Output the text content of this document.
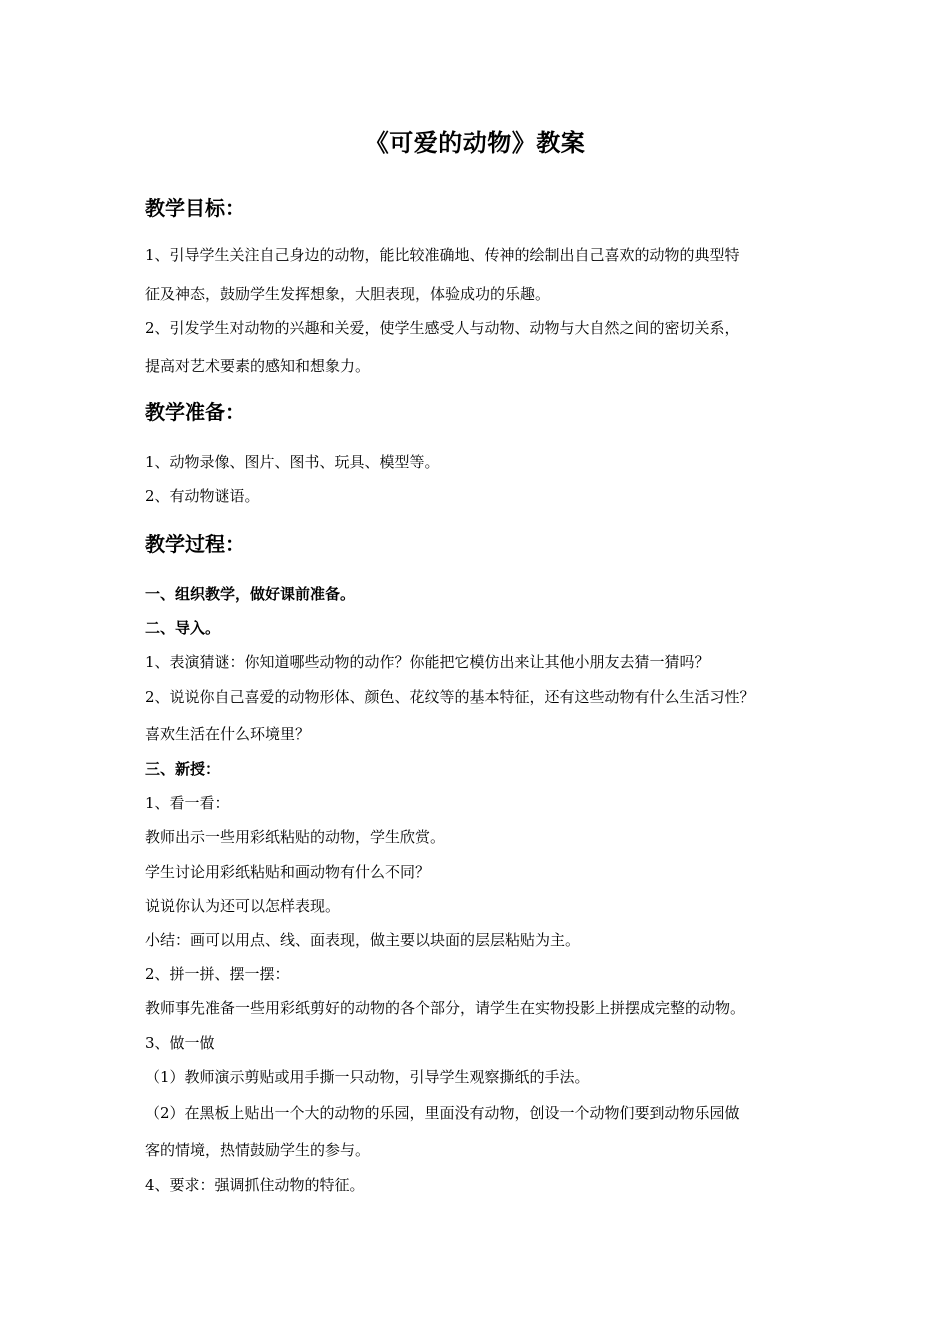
《可爱的动物》教案
教学目标：
1、引导学生关注自己身边的动物，能比较准确地、传神的绘制出自己喜欢的动物的典型特
征及神态，鼓励学生发挥想象，大胆表现，体验成功的乐趣。
2、引发学生对动物的兴趣和关爱，使学生感受人与动物、动物与大自然之间的密切关系，
提高对艺术要素的感知和想象力。
教学准备：
1、动物录像、图片、图书、玩具、模型等。
2、有动物谜语。
教学过程：
一、组织教学，做好课前准备。
二、导入。
1、表演猜谜：你知道哪些动物的动作？你能把它模仿出来让其他小朋友去猜一猜吗？
2、说说你自己喜爱的动物形体、颜色、花纹等的基本特征，还有这些动物有什么生活习性？
喜欢生活在什么环境里？
三、新授：
1、看一看：
教师出示一些用彩纸粘贴的动物，学生欣赏。
学生讨论用彩纸粘贴和画动物有什么不同？
说说你认为还可以怎样表现。
小结：画可以用点、线、面表现，做主要以块面的层层粘贴为主。
2、拼一拼、摆一摆：
教师事先准备一些用彩纸剪好的动物的各个部分，请学生在实物投影上拼摆成完整的动物。
3、做一做
（1）教师演示剪贴或用手撕一只动物，引导学生观察撕纸的手法。
（2）在黑板上贴出一个大的动物的乐园，里面没有动物，创设一个动物们要到动物乐园做
客的情境，热情鼓励学生的参与。
4、要求：强调抓住动物的特征。
